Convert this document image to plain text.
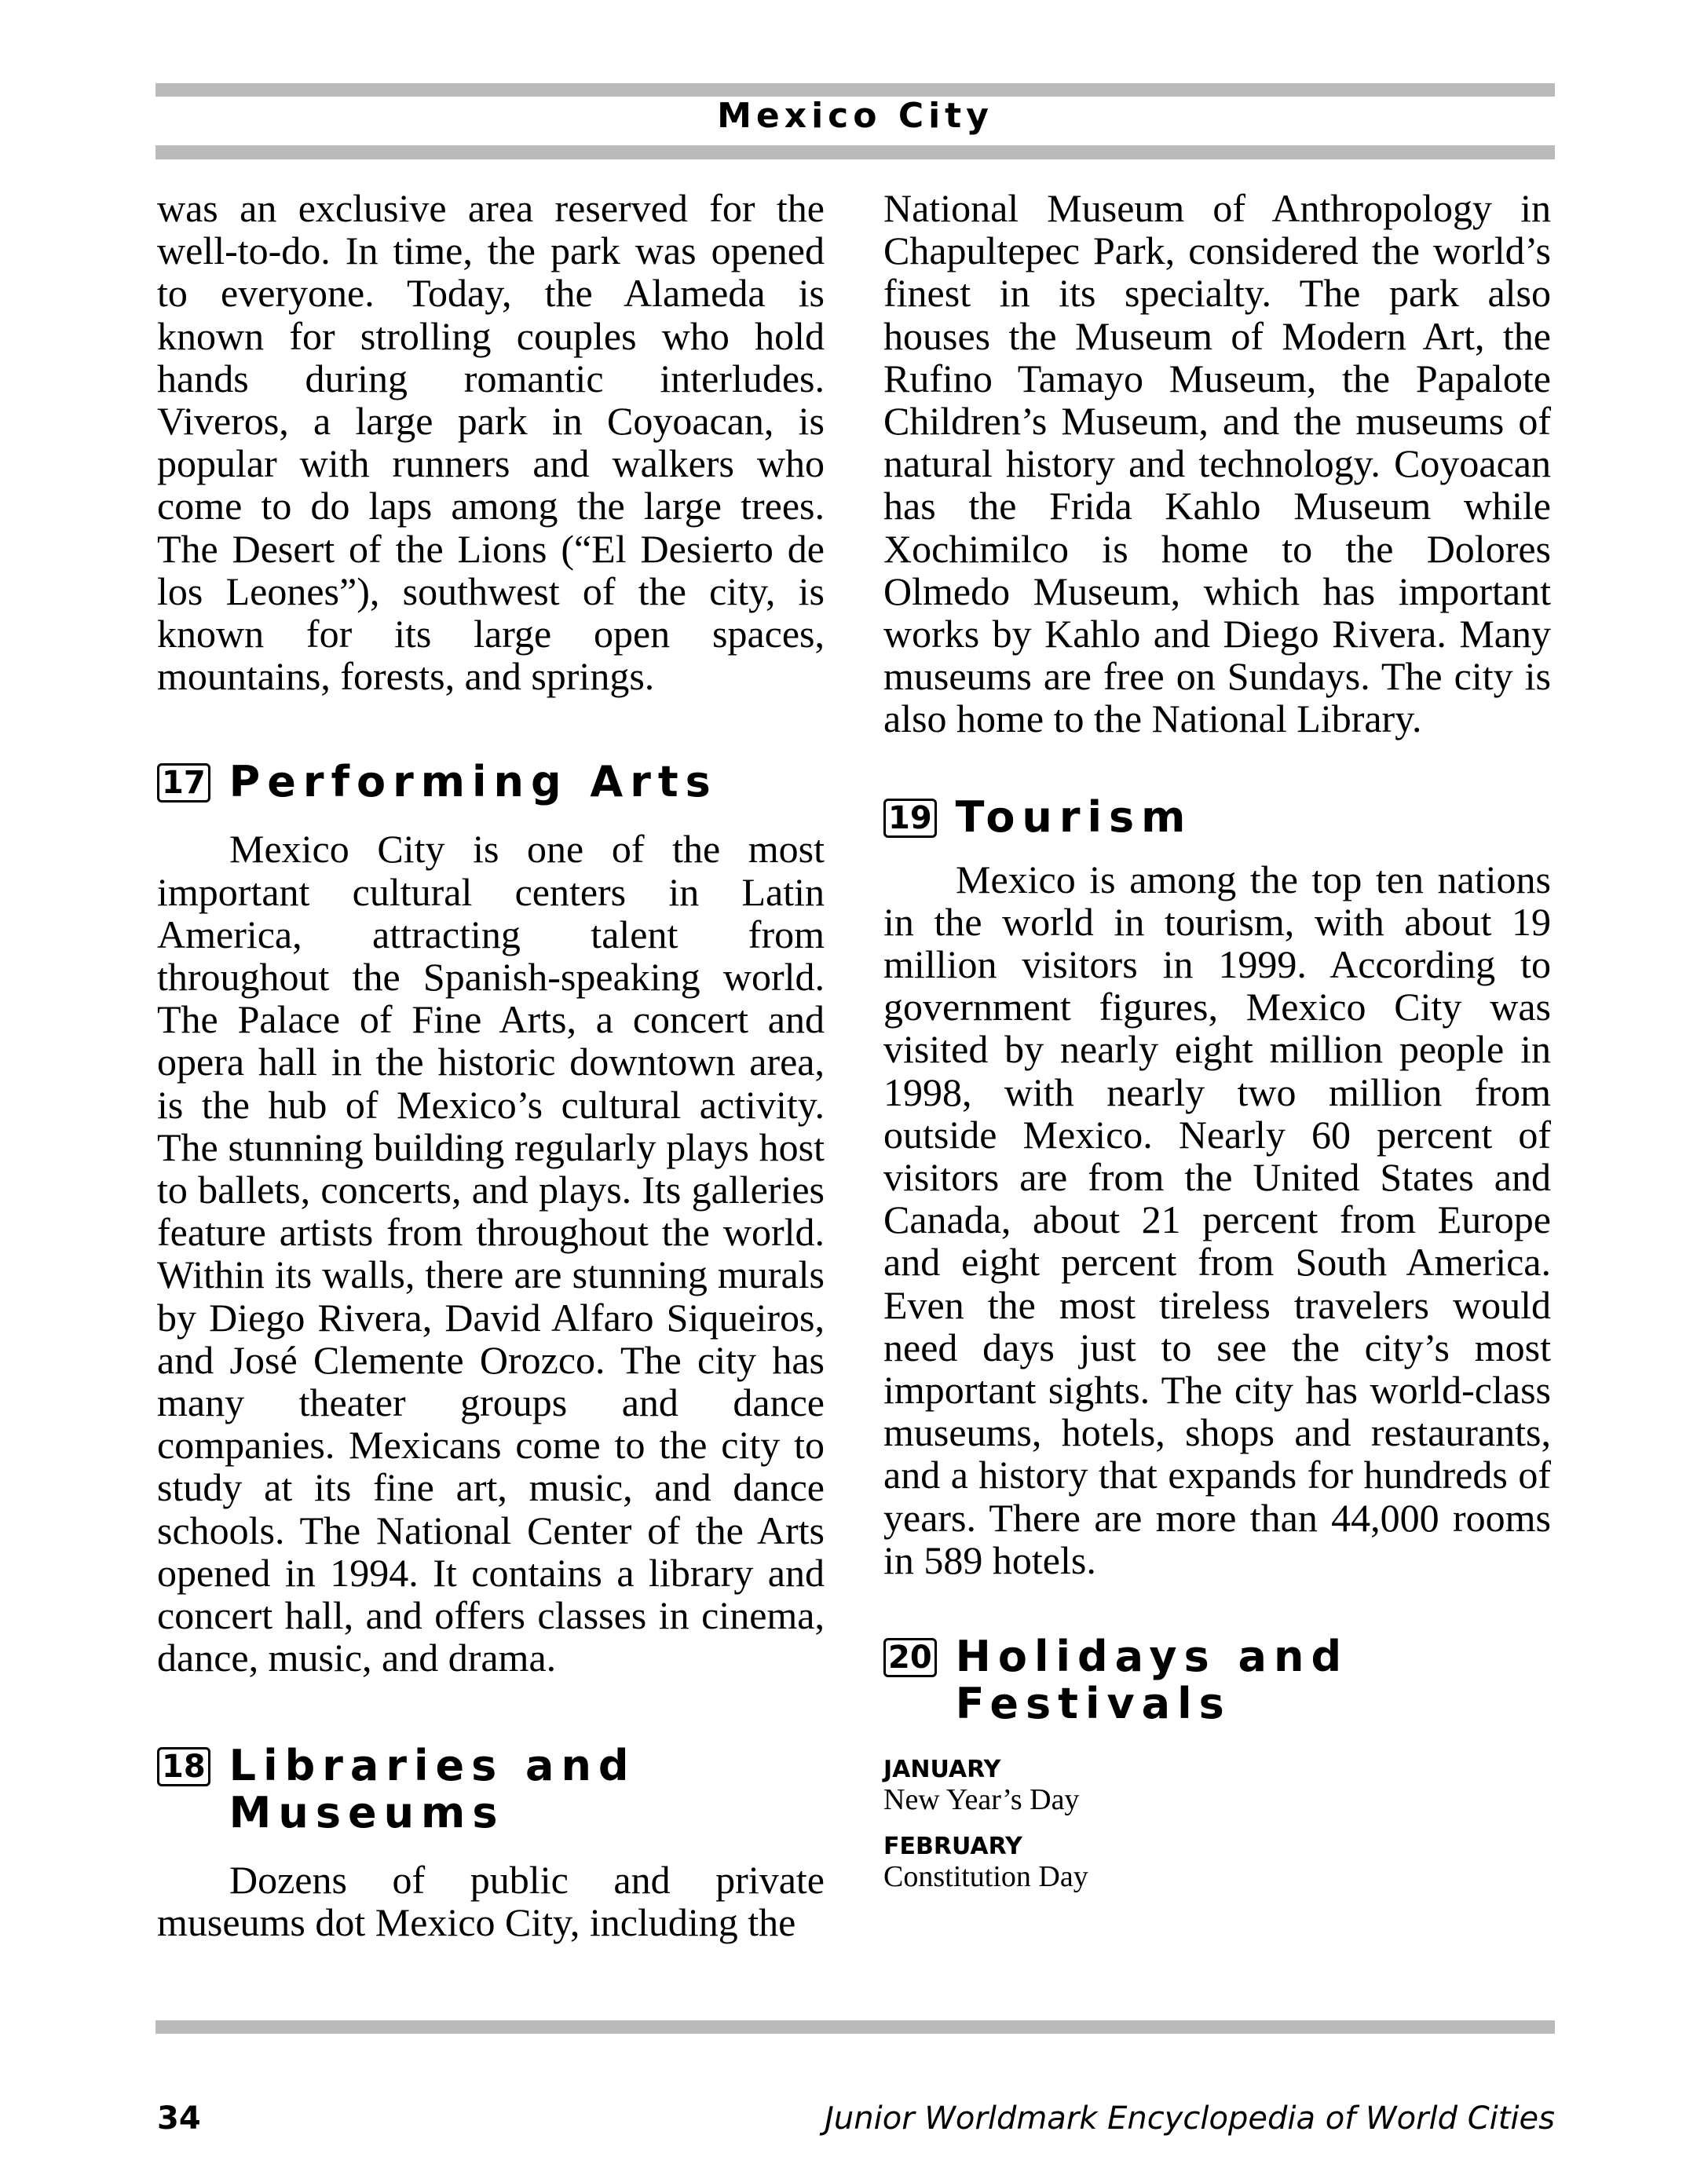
Mexico City

was an exclusive area reserved for the well-to-do. In time, the park was opened to everyone. Today, the Alameda is known for strolling couples who hold hands during romantic interludes. Viveros, a large park in Coyoacan, is popular with runners and walkers who come to do laps among the large trees. The Desert of the Lions (“El Desierto de los Leones”), southwest of the city, is known for its large open spaces, mountains, forests, and springs.

17 Performing Arts

Mexico City is one of the most important cultural centers in Latin America, attracting talent from throughout the Spanish-speaking world. The Palace of Fine Arts, a concert and opera hall in the historic downtown area, is the hub of Mexico’s cultural activity. The stunning building regularly plays host to ballets, concerts, and plays. Its galleries feature artists from throughout the world. Within its walls, there are stunning murals by Diego Rivera, David Alfaro Siqueiros, and José Clemente Orozco. The city has many theater groups and dance companies. Mexicans come to the city to study at its fine art, music, and dance schools. The National Center of the Arts opened in 1994. It contains a library and concert hall, and offers classes in cinema, dance, music, and drama.

18 Libraries and
Museums

Dozens of public and private museums dot Mexico City, including the

National Museum of Anthropology in Chapultepec Park, considered the world’s finest in its specialty. The park also houses the Museum of Modern Art, the Rufino Tamayo Museum, the Papalote Children’s Museum, and the museums of natural history and technology. Coyoacan has the Frida Kahlo Museum while Xochimilco is home to the Dolores Olmedo Museum, which has important works by Kahlo and Diego Rivera. Many museums are free on Sundays. The city is also home to the National Library.

19 Tourism

Mexico is among the top ten nations in the world in tourism, with about 19 million visitors in 1999. According to government figures, Mexico City was visited by nearly eight million people in 1998, with nearly two million from outside Mexico. Nearly 60 percent of visitors are from the United States and Canada, about 21 percent from Europe and eight percent from South America. Even the most tireless travelers would need days just to see the city’s most important sights. The city has world-class museums, hotels, shops and restaurants, and a history that expands for hundreds of years. There are more than 44,000 rooms in 589 hotels.

20 Holidays and
Festivals
JANUARY
New Year’s Day
FEBRUARY
Constitution Day
34	Junior Worldmark Encyclopedia of World Cities
